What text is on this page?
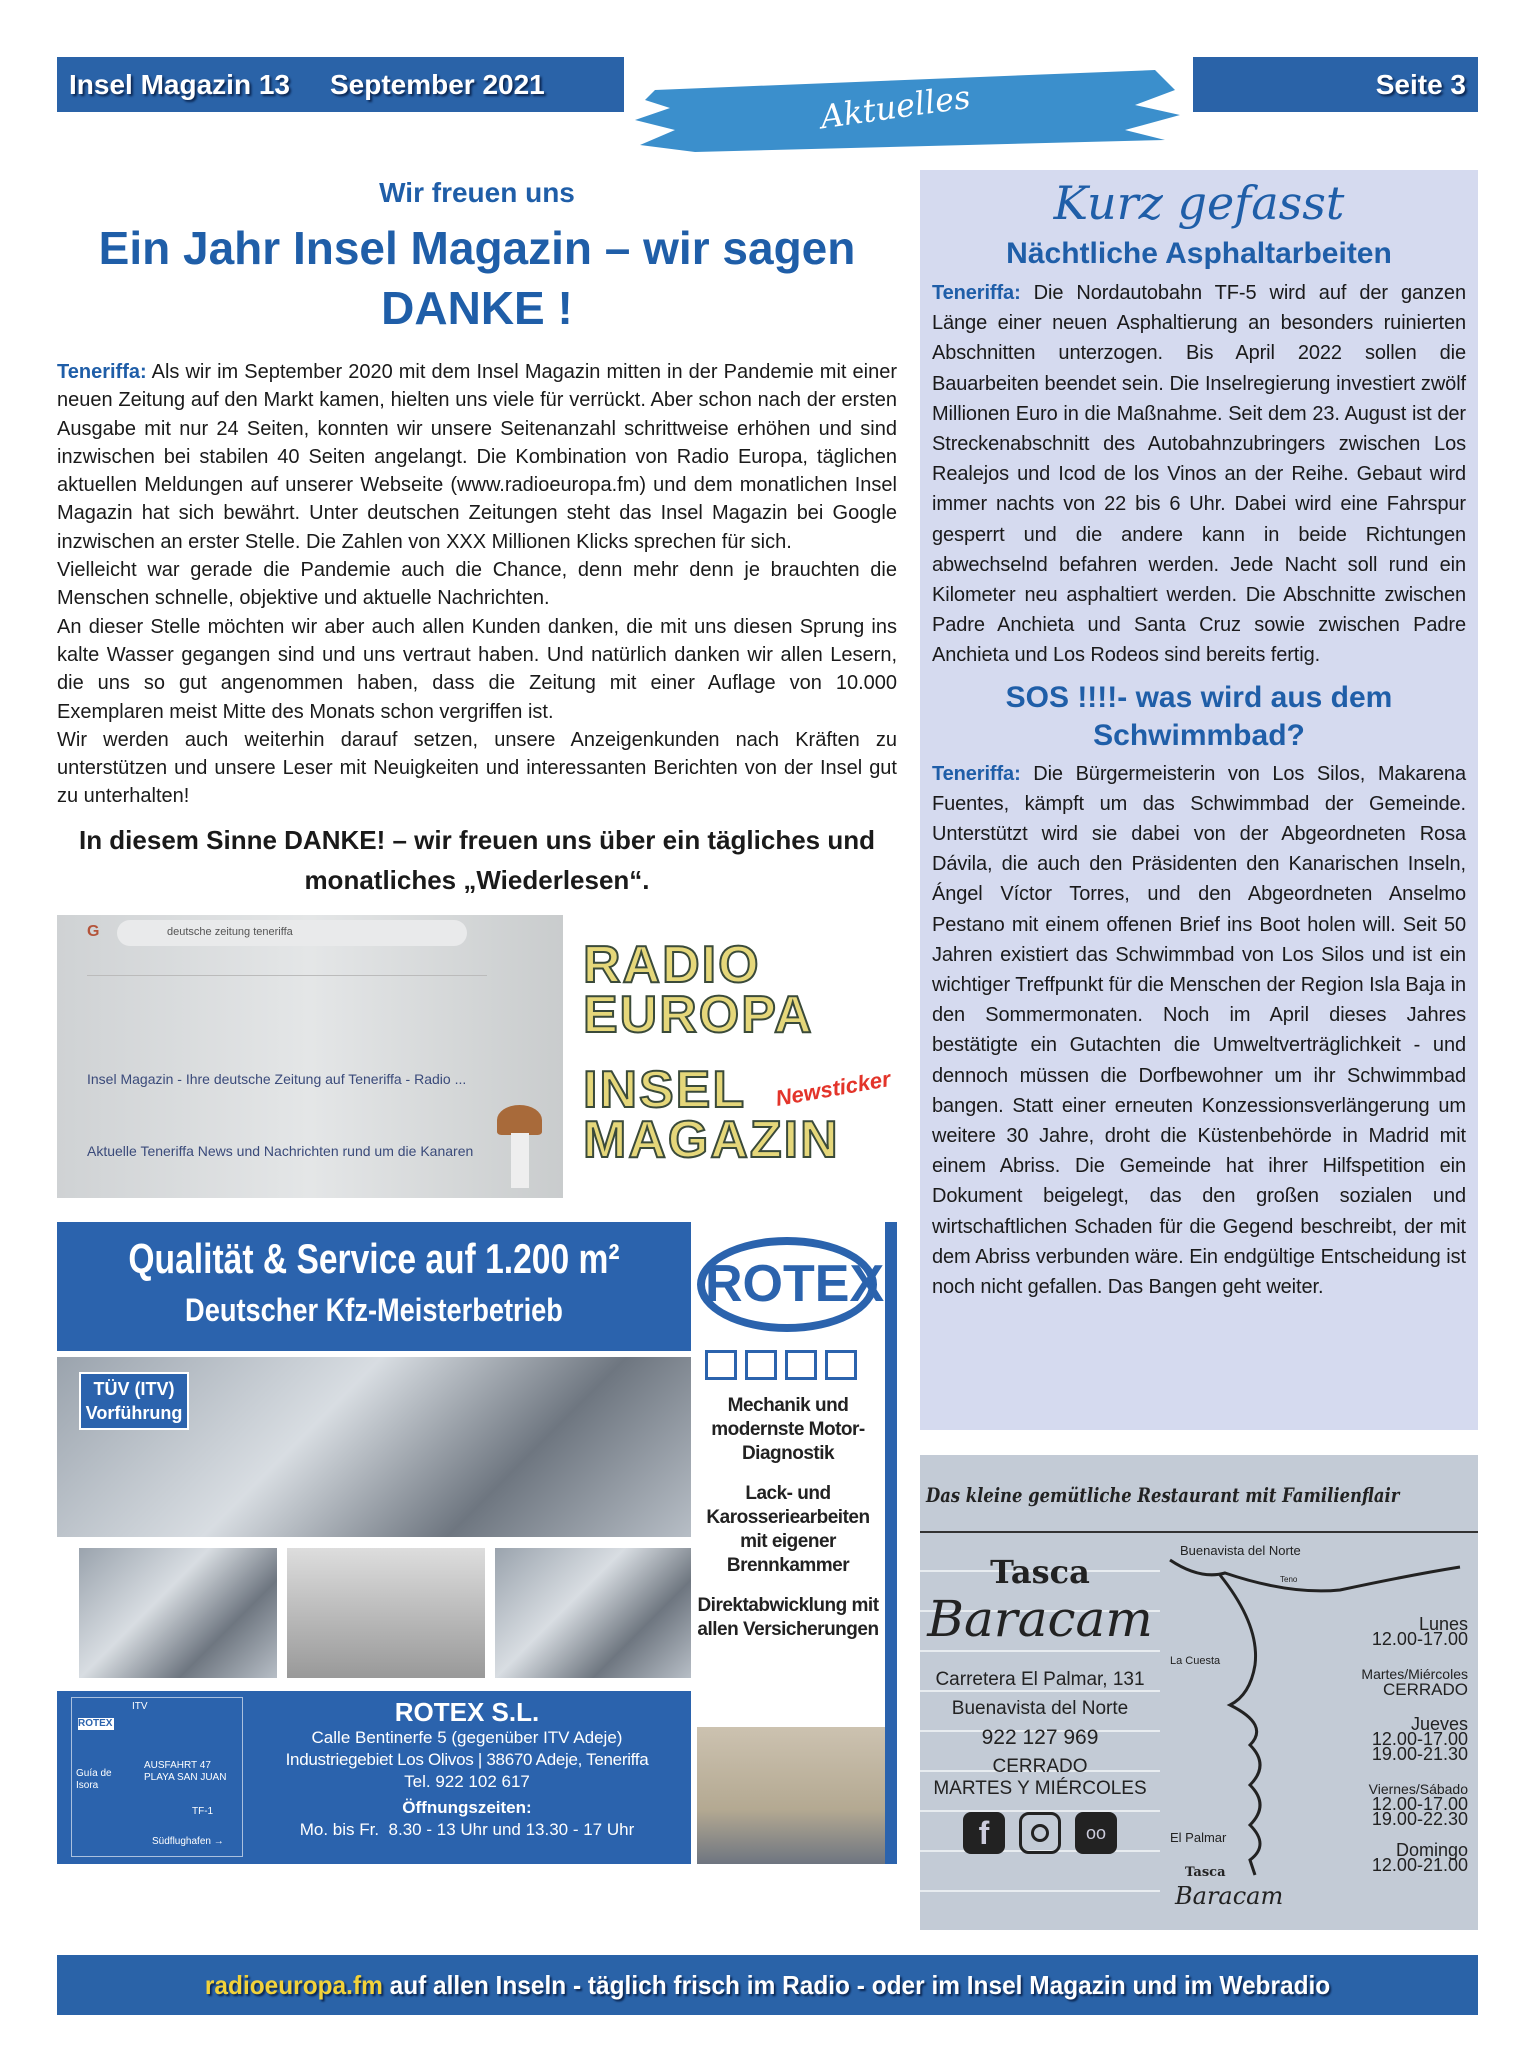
Insel Magazin 13 September 2021	Aktuelles	Seite 3
Wir freuen uns
Ein Jahr Insel Magazin – wir sagen DANKE !

Teneriffa: Als wir im September 2020 mit dem Insel Magazin mitten in der Pandemie mit einer neuen Zeitung auf den Markt kamen, hielten uns viele für verrückt. Aber schon nach der ersten Ausgabe mit nur 24 Seiten, konnten wir unsere Seitenanzahl schrittweise erhöhen und sind inzwischen bei stabilen 40 Seiten angelangt. Die Kombination von Radio Europa, täglichen aktuellen Meldungen auf unserer Webseite (www.radioeuropa.fm) und dem monatlichen Insel Magazin hat sich bewährt. Unter deutschen Zeitungen steht das Insel Magazin bei Google inzwischen an erster Stelle. Die Zahlen von XXX Millionen Klicks sprechen für sich.

Vielleicht war gerade die Pandemie auch die Chance, denn mehr denn je brauchten die Menschen schnelle, objektive und aktuelle Nachrichten.

An dieser Stelle möchten wir aber auch allen Kunden danken, die mit uns diesen Sprung ins kalte Wasser gegangen sind und uns vertraut haben. Und natürlich danken wir allen Lesern, die uns so gut angenommen haben, dass die Zeitung mit einer Auflage von 10.000 Exemplaren meist Mitte des Monats schon vergriffen ist.

Wir werden auch weiterhin darauf setzen, unsere Anzeigenkunden nach Kräften zu unterstützen und unsere Leser mit Neuigkeiten und interessanten Berichten von der Insel gut zu unterhalten!

In diesem Sinne DANKE! – wir freuen uns über ein tägliches und monatliches „Wiederlesen“.
G	deutsche zeitung teneriffa
Insel Magazin - Ihre deutsche Zeitung auf Teneriffa - Radio ...
Aktuelle Teneriffa News und Nachrichten rund um die Kanaren
RADIO
EUROPA
INSEL
MAGAZIN
Newsticker
Qualität & Service auf 1.200 m²
Deutscher Kfz-Meisterbetrieb
TÜV (ITV) Vorführung
ITV
ROTEX
Guía de Isora
AUSFAHRT 47 PLAYA SAN JUAN
TF-1
Südflughafen →
ROTEX S.L.
Calle Bentinerfe 5 (gegenüber ITV Adeje)
Industriegebiet Los Olivos | 38670 Adeje, Teneriffa
Tel. 922 102 617
Öffnungszeiten:
Mo. bis Fr.  8.30 - 13 Uhr und 13.30 - 17 Uhr
ROTEX
Mechanik und modernste Motor-Diagnostik
Lack- und Karosseriearbeiten mit eigener Brennkammer
Direktabwicklung mit allen Versicherungen
Kurz gefasst
Nächtliche Asphaltarbeiten
Teneriffa: Die Nordautobahn TF-5 wird auf der ganzen Länge einer neuen Asphaltierung an besonders ruinierten Abschnitten unterzogen. Bis April 2022 sollen die Bauarbeiten beendet sein. Die Inselregierung investiert zwölf Millionen Euro in die Maßnahme. Seit dem 23. August ist der Streckenabschnitt des Autobahnzubringers zwischen Los Realejos und Icod de los Vinos an der Reihe. Gebaut wird immer nachts von 22 bis 6 Uhr. Dabei wird eine Fahrspur gesperrt und die andere kann in beide Richtungen abwechselnd befahren werden. Jede Nacht soll rund ein Kilometer neu asphaltiert werden. Die Abschnitte zwischen Padre Anchieta und Santa Cruz sowie zwischen Padre Anchieta und Los Rodeos sind bereits fertig.
SOS !!!!- was wird aus dem Schwimmbad?
Teneriffa: Die Bürgermeisterin von Los Silos, Makarena Fuentes, kämpft um das Schwimmbad der Gemeinde. Unterstützt wird sie dabei von der Abgeordneten Rosa Dávila, die auch den Präsidenten den Kanarischen Inseln, Ángel Víctor Torres, und den Abgeordneten Anselmo Pestano mit einem offenen Brief ins Boot holen will. Seit 50 Jahren existiert das Schwimmbad von Los Silos und ist ein wichtiger Treffpunkt für die Menschen der Region Isla Baja in den Sommermonaten. Noch im April dieses Jahres bestätigte ein Gutachten die Umweltverträglichkeit - und dennoch müssen die Dorfbewohner um ihr Schwimmbad bangen. Statt einer erneuten Konzessionsverlängerung um weitere 30 Jahre, droht die Küstenbehörde in Madrid mit einem Abriss. Die Gemeinde hat ihrer Hilfspetition ein Dokument beigelegt, das den großen sozialen und wirtschaftlichen Schaden für die Gegend beschreibt, der mit dem Abriss verbunden wäre. Ein endgültige Entscheidung ist noch nicht gefallen. Das Bangen geht weiter.
Das kleine gemütliche Restaurant mit Familienflair
Tasca
Baracam
Carretera El Palmar, 131
Buenavista del Norte
922 127 969
CERRADO
MARTES Y MIÉRCOLES
f	oo
Buenavista del Norte
Teno
La Cuesta
El Palmar
Tasca
Baracam
Lunes
12.00-17.00
Martes/Miércoles
CERRADO
Jueves
12.00-17.00
19.00-21.30
Viernes/Sábado
12.00-17.00
19.00-22.30
Domingo
12.00-21.00
radioeuropa.fm auf allen Inseln - täglich frisch im Radio - oder im Insel Magazin und im Webradio
